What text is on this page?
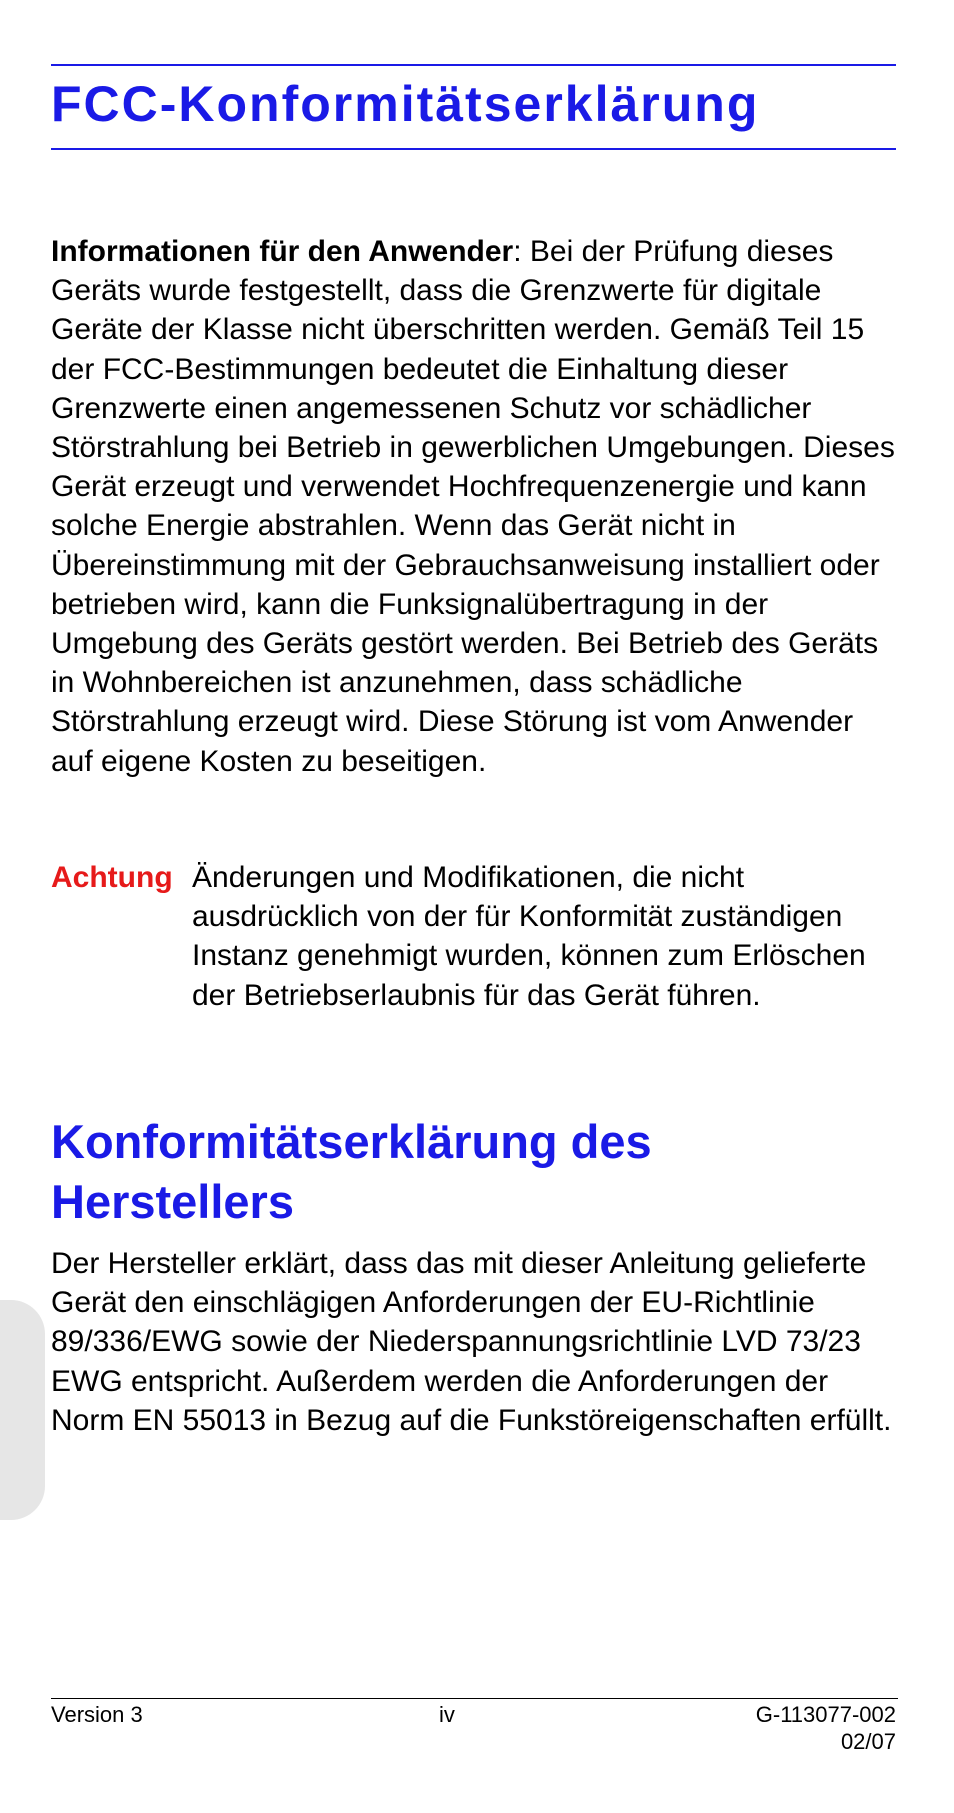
FCC-Konformitätserklärung

Informationen für den Anwender: Bei der Prüfung dieses Geräts wurde festgestellt, dass die Grenzwerte für digitale Geräte der Klasse nicht überschritten werden. Gemäß Teil 15 der FCC-Bestimmungen bedeutet die Einhaltung dieser Grenzwerte einen angemessenen Schutz vor schädlicher Störstrahlung bei Betrieb in gewerblichen Umgebungen. Dieses Gerät erzeugt und verwendet Hochfrequenzenergie und kann solche Energie abstrahlen. Wenn das Gerät nicht in Übereinstimmung mit der Gebrauchsanweisung installiert oder betrieben wird, kann die Funksignalübertragung in der Umgebung des Geräts gestört werden. Bei Betrieb des Geräts in Wohnbereichen ist anzunehmen, dass schädliche Störstrahlung erzeugt wird. Diese Störung ist vom Anwender auf eigene Kosten zu beseitigen.

Achtung Änderungen und Modifikationen, die nicht ausdrücklich von der für Konformität zuständigen Instanz genehmigt wurden, können zum Erlöschen der Betriebserlaubnis für das Gerät führen.

Konformitätserklärung des Herstellers

Der Hersteller erklärt, dass das mit dieser Anleitung gelieferte Gerät den einschlägigen Anforderungen der EU-Richtlinie 89/336/EWG sowie der Niederspannungsrichtlinie LVD 73/23 EWG entspricht. Außerdem werden die Anforderungen der Norm EN 55013 in Bezug auf die Funkstöreigenschaften erfüllt.

Version 3	iv	G-113077-002
02/07
